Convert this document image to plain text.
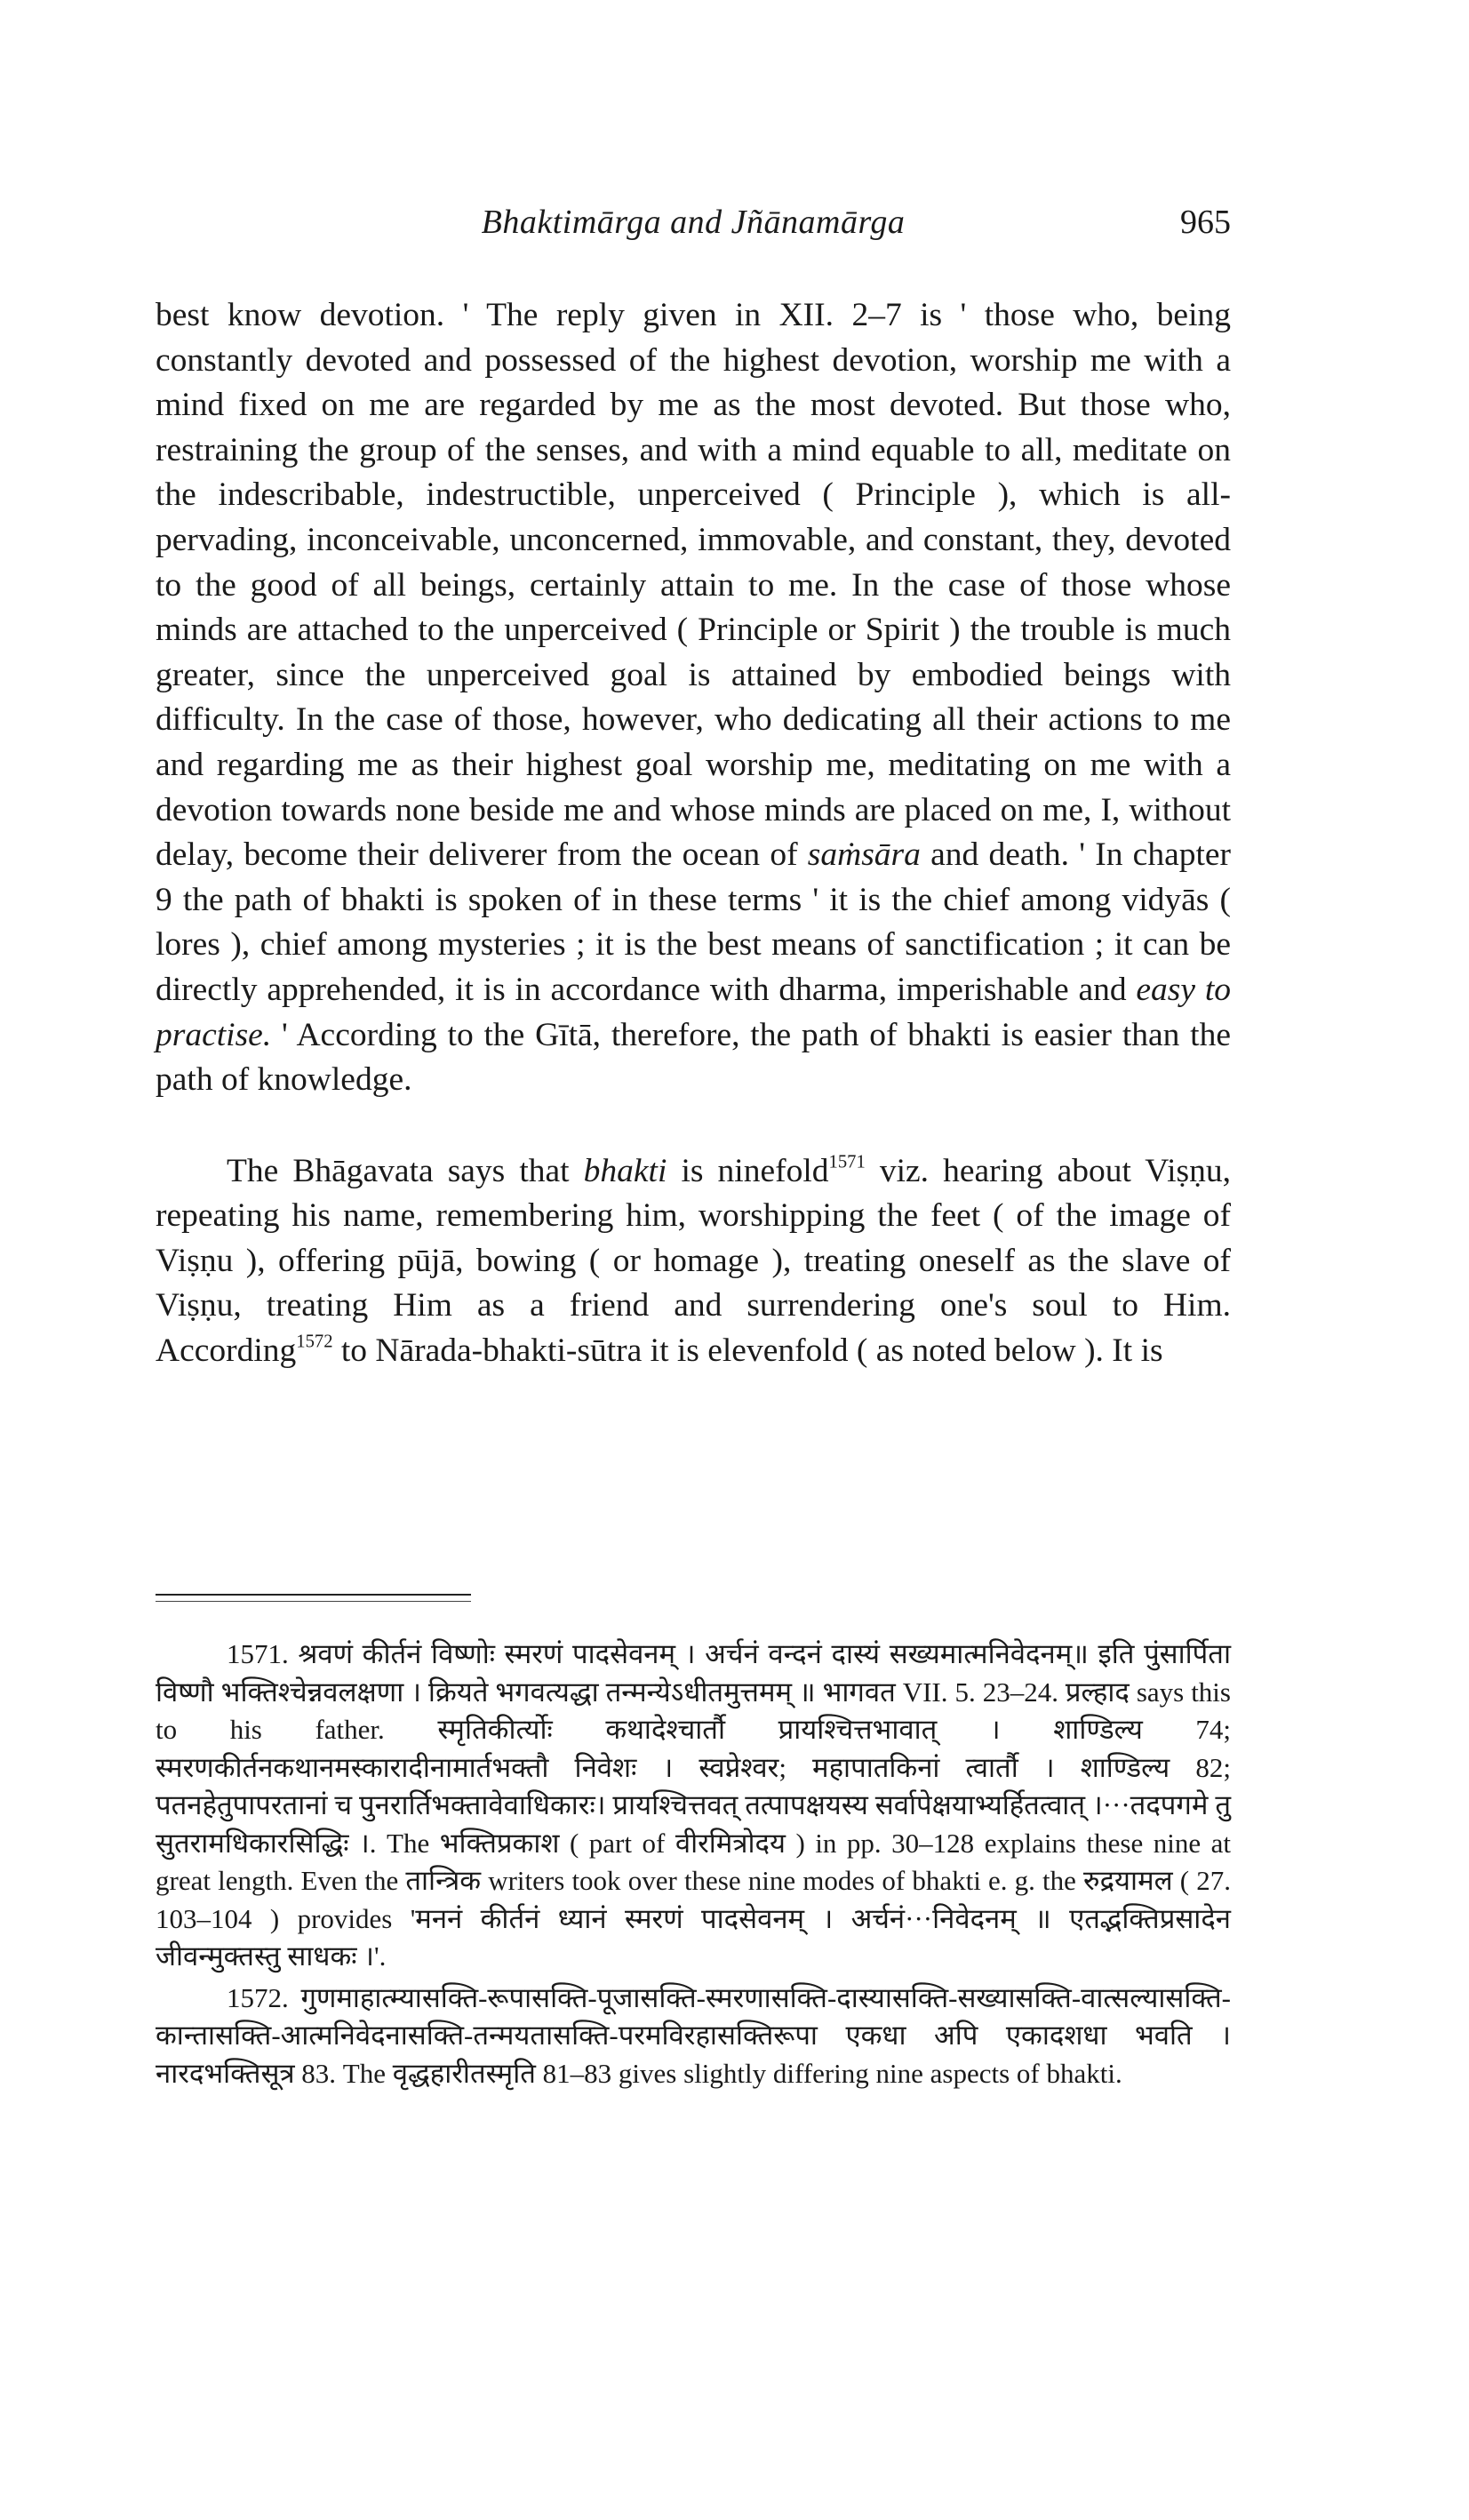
Bhaktimārga and Jñānamārga	965

best know devotion. ' The reply given in XII. 2–7 is ' those who, being constantly devoted and possessed of the highest devotion, worship me with a mind fixed on me are regarded by me as the most devoted. But those who, restraining the group of the senses, and with a mind equable to all, meditate on the indescribable, indestructible, unperceived ( Principle ), which is all-pervading, inconceivable, unconcerned, immovable, and constant, they, devoted to the good of all beings, certainly attain to me. In the case of those whose minds are attached to the unperceived ( Principle or Spirit ) the trouble is much greater, since the unperceived goal is attained by embodied beings with difficulty. In the case of those, however, who dedicating all their actions to me and regarding me as their highest goal worship me, meditating on me with a devotion towards none beside me and whose minds are placed on me, I, without delay, become their deliverer from the ocean of saṁsāra and death. ' In chapter 9 the path of bhakti is spoken of in these terms ' it is the chief among vidyās ( lores ), chief among mysteries ; it is the best means of sanctification ; it can be directly apprehended, it is in accordance with dharma, imperishable and easy to practise. ' According to the Gītā, therefore, the path of bhakti is easier than the path of knowledge.

The Bhāgavata says that bhakti is ninefold$^{1571}$ viz. hearing about Viṣṇu, repeating his name, remembering him, worshipping the feet ( of the image of Viṣṇu ), offering pūjā, bowing ( or homage ), treating oneself as the slave of Viṣṇu, treating Him as a friend and surrendering one's soul to Him. According$^{1572}$ to Nārada-bhakti-sūtra it is elevenfold ( as noted below ). It is

1571. श्रवणं कीर्तनं विष्णोः स्मरणं पादसेवनम् । अर्चनं वन्दनं दास्यं सख्यमात्मनिवेदनम्॥ इति पुंसार्पिता विष्णौ भक्तिश्चेन्नवलक्षणा । क्रियते भगवत्यद्धा तन्मन्येऽधीतमुत्तमम् ॥ भागवत VII. 5. 23–24. प्रल्हाद says this to his father. स्मृतिकीर्त्योः कथादेश्चार्तौ प्रायश्चित्तभावात् । शाण्डिल्य 74; स्मरणकीर्तनकथानमस्कारादीनामार्तभक्तौ निवेशः । स्वप्नेश्वर; महापातकिनां त्वार्तौ । शाण्डिल्य 82; पतनहेतुपापरतानां च पुनरार्तिभक्तावेवाधिकारः। प्रायश्चित्तवत् तत्पापक्षयस्य सर्वापेक्षयाभ्यर्हितत्वात् ।···तदपगमे तु सुतरामधिकारसिद्धिः ।. The भक्तिप्रकाश ( part of वीरमित्रोदय ) in pp. 30–128 explains these nine at great length. Even the तान्त्रिक writers took over these nine modes of bhakti e. g. the रुद्रयामल ( 27. 103–104 ) provides 'मननं कीर्तनं ध्यानं स्मरणं पादसेवनम् । अर्चनं···निवेदनम् ॥ एतद्भक्तिप्रसादेन जीवन्मुक्तस्तु साधकः ।'.

1572. गुणमाहात्म्यासक्ति-रूपासक्ति-पूजासक्ति-स्मरणासक्ति-दास्यासक्ति-सख्यासक्ति-वात्सल्यासक्ति-कान्तासक्ति-आत्मनिवेदनासक्ति-तन्मयतासक्ति-परमविरहासक्तिरूपा एकधा अपि एकादशधा भवति । नारदभक्तिसूत्र 83. The वृद्धहारीतस्मृति 81–83 gives slightly differing nine aspects of bhakti.
